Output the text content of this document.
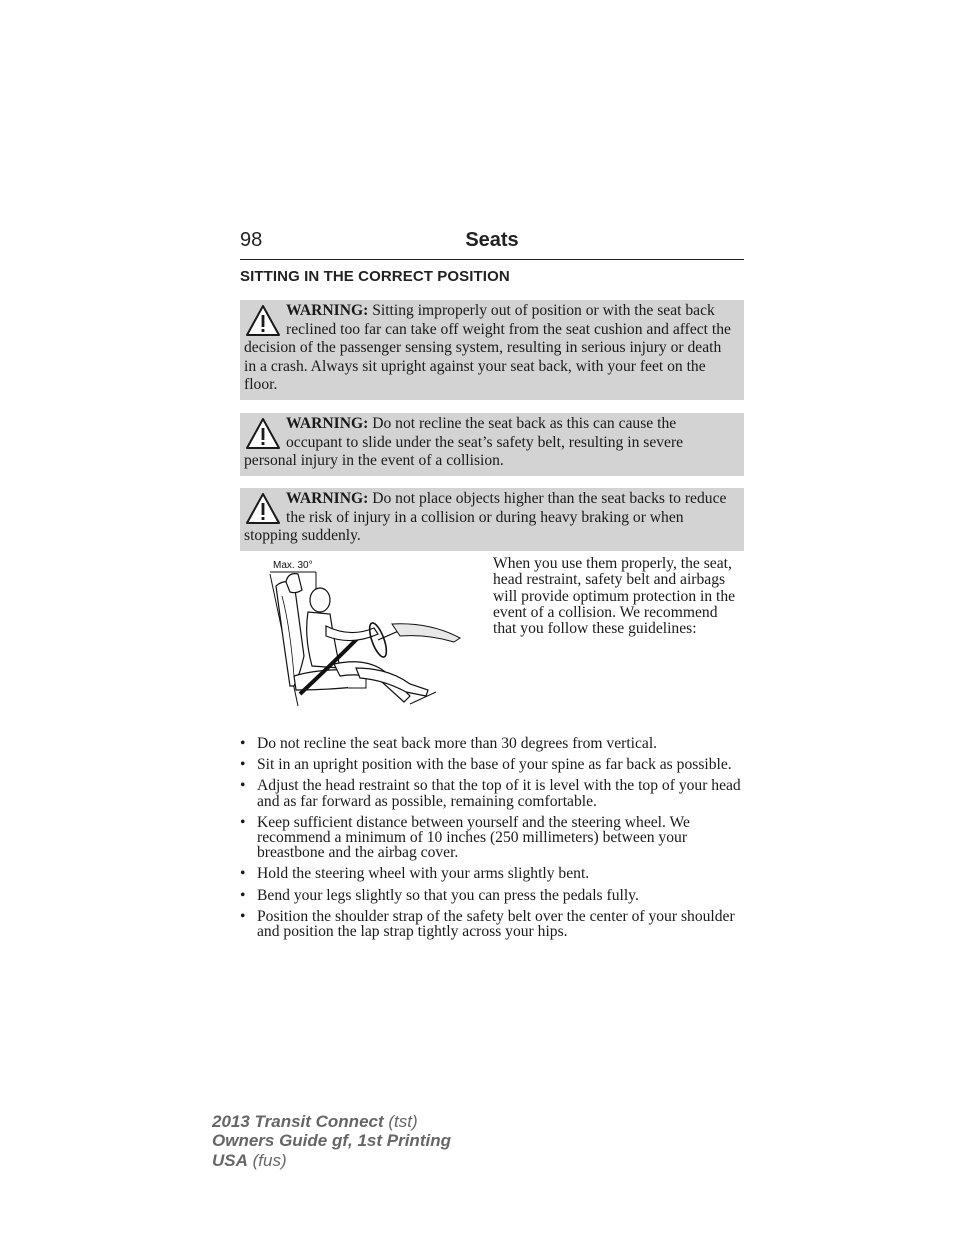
98	Seats
SITTING IN THE CORRECT POSITION
WARNING: Sitting improperly out of position or with the seat back reclined too far can take off weight from the seat cushion and affect the decision of the passenger sensing system, resulting in serious injury or death in a crash. Always sit upright against your seat back, with your feet on the floor.
WARNING: Do not recline the seat back as this can cause the occupant to slide under the seat’s safety belt, resulting in severe personal injury in the event of a collision.
WARNING: Do not place objects higher than the seat backs to reduce the risk of injury in a collision or during heavy braking or when stopping suddenly.
Max. 30°	When you use them properly, the seat, head restraint, safety belt and airbags will provide optimum protection in the event of a collision. We recommend that you follow these guidelines:
• Do not recline the seat back more than 30 degrees from vertical.
• Sit in an upright position with the base of your spine as far back as possible.
• Adjust the head restraint so that the top of it is level with the top of your head and as far forward as possible, remaining comfortable.
• Keep sufficient distance between yourself and the steering wheel. We recommend a minimum of 10 inches (250 millimeters) between your breastbone and the airbag cover.
• Hold the steering wheel with your arms slightly bent.
• Bend your legs slightly so that you can press the pedals fully.
• Position the shoulder strap of the safety belt over the center of your shoulder and position the lap strap tightly across your hips.
2013 Transit Connect (tst)
Owners Guide gf, 1st Printing
USA (fus)
